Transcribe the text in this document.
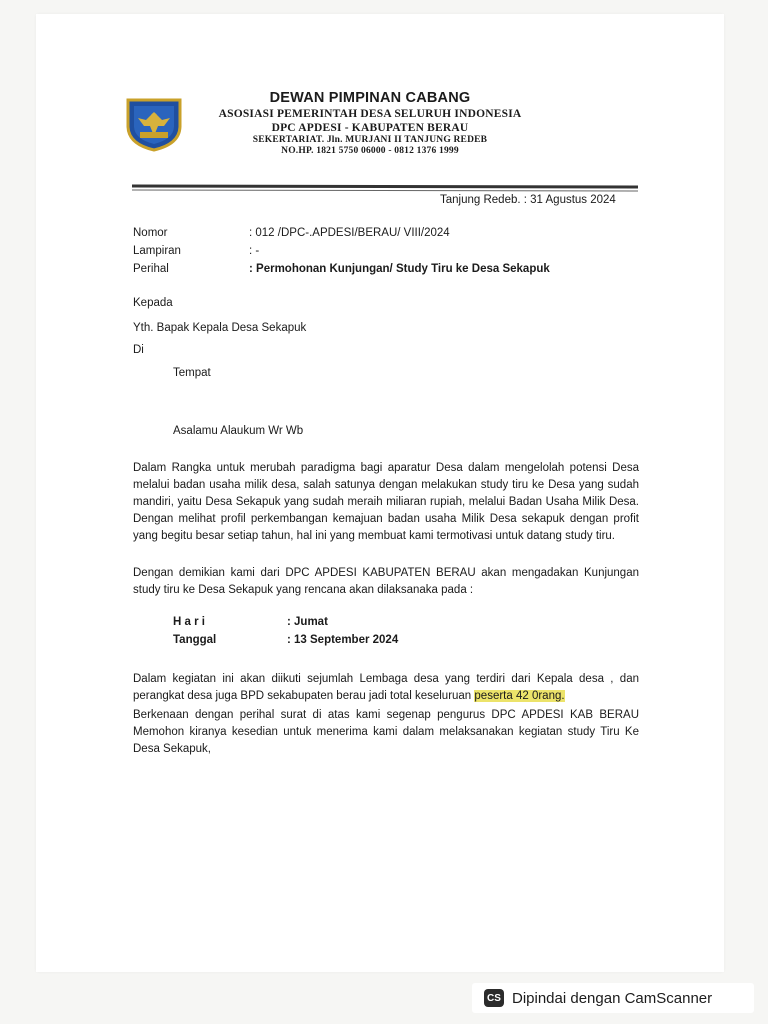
DEWAN PIMPINAN CABANG
ASOSIASI PEMERINTAH DESA SELURUH INDONESIA
DPC APDESI - KABUPATEN BERAU
SEKERTARIAT. Jln. MURJANI II TANJUNG REDEB
NO.HP. 1821 5750 06000 - 0812 1376 1999
Tanjung Redeb. : 31 Agustus 2024
Nomor	: 012 /DPC-.APDESI/BERAU/ VIII/2024
Lampiran	: -
Perihal	: Permohonan Kunjungan/ Study Tiru ke Desa Sekapuk
Kepada
Yth. Bapak Kepala Desa Sekapuk
Di
Tempat
Asalamu Alaukum Wr Wb
Dalam Rangka untuk merubah paradigma bagi aparatur Desa dalam mengelolah potensi Desa melalui badan usaha milik desa, salah satunya dengan melakukan study tiru ke Desa yang sudah mandiri, yaitu Desa Sekapuk yang sudah meraih miliaran rupiah, melalui Badan Usaha Milik Desa. Dengan melihat profil perkembangan kemajuan badan usaha Milik Desa sekapuk dengan profit yang begitu besar setiap tahun, hal ini yang membuat kami termotivasi untuk datang study tiru.
Dengan demikian kami dari DPC APDESI KABUPATEN BERAU akan mengadakan Kunjungan study tiru ke Desa Sekapuk yang rencana akan dilaksanaka pada :
H a r i	: Jumat
Tanggal	: 13 September 2024
Dalam kegiatan ini akan diikuti sejumlah Lembaga desa yang terdiri dari Kepala desa , dan perangkat desa juga BPD sekabupaten berau jadi total keseluruan peserta 42 0rang.
Berkenaan dengan perihal surat di atas kami segenap pengurus DPC APDESI KAB BERAU Memohon kiranya kesedian untuk menerima kami dalam melaksanakan kegiatan study Tiru Ke Desa Sekapuk,
CS Dipindai dengan CamScanner
